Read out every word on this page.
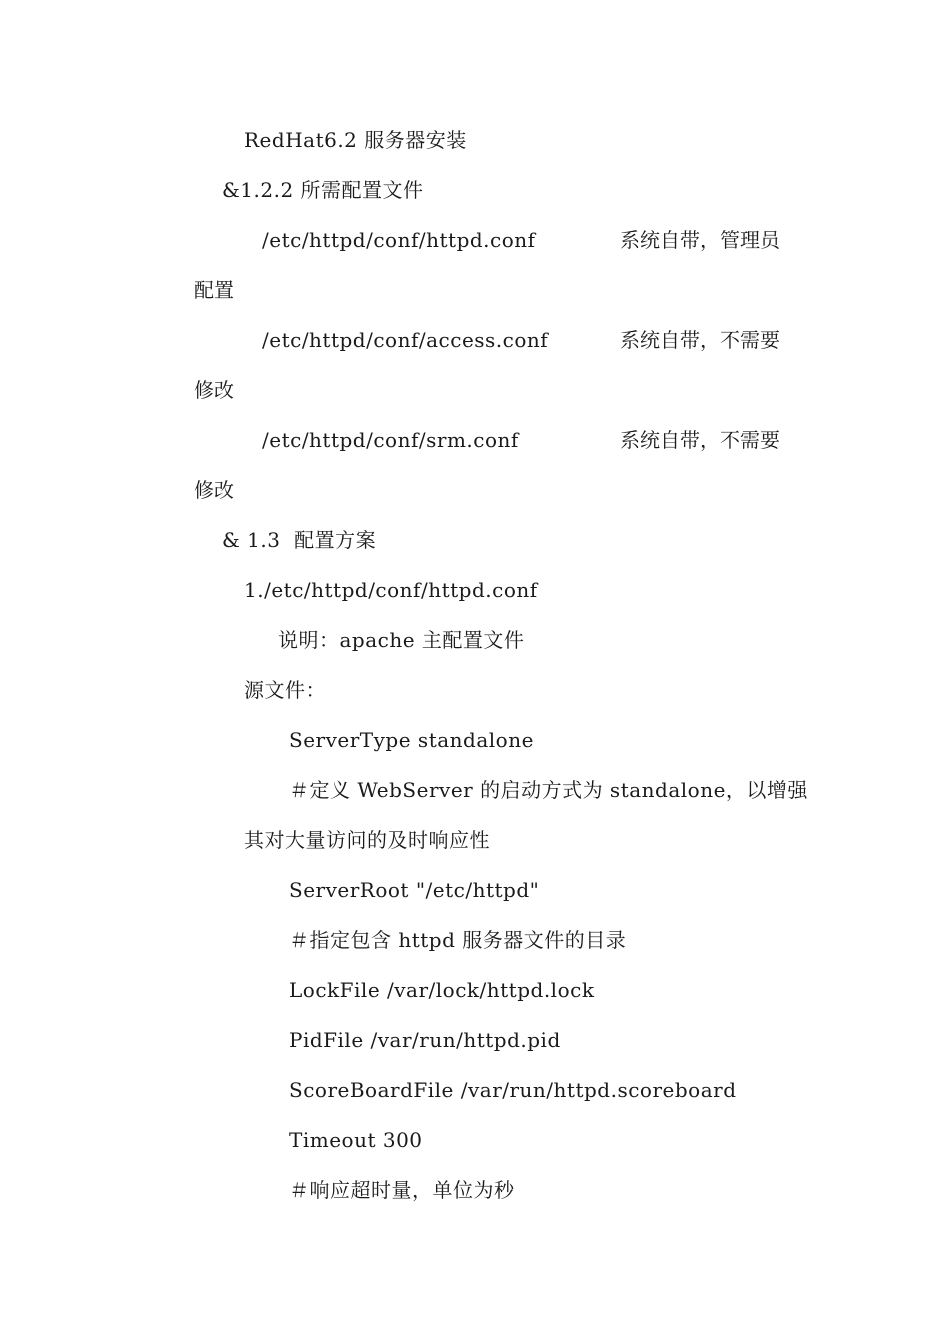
RedHat6.2 服务器安装
&1.2.2 所需配置文件
/etc/httpd/conf/httpd.conf	系统自带，管理员
配置
/etc/httpd/conf/access.conf	系统自带，不需要
修改
/etc/httpd/conf/srm.conf	系统自带，不需要
修改
& 1.3  配置方案
1./etc/httpd/conf/httpd.conf
说明：apache 主配置文件
源文件：
ServerType standalone
＃定义 WebServer 的启动方式为 standalone，以增强
其对大量访问的及时响应性
ServerRoot "/etc/httpd"
＃指定包含 httpd 服务器文件的目录
LockFile /var/lock/httpd.lock
PidFile /var/run/httpd.pid
ScoreBoardFile /var/run/httpd.scoreboard
Timeout 300
＃响应超时量，单位为秒
